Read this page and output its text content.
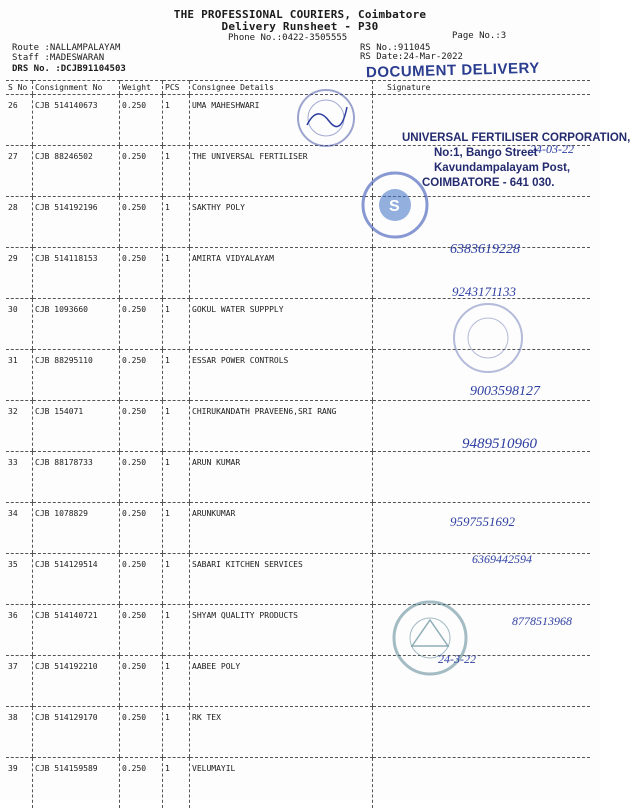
THE PROFESSIONAL COURIERS, Coimbatore
Delivery Runsheet - P30
Phone No.:0422-3505555	Page No.:3
Route :NALLAMPALAYAM
Staff :MADESWARAN
DRS No. :DCJB91104503
RS No.:911045
RS Date:24-Mar-2022
DOCUMENT DELIVERY
S No	Consignment No	Weight	PCS	Consignee Details	Signature
26	CJB 514140673	0.250	1	UMA MAHESHWARI	
27	CJB 88246502	0.250	1	THE UNIVERSAL FERTILISER	
28	CJB 514192196	0.250	1	SAKTHY POLY	
29	CJB 514118153	0.250	1	AMIRTA VIDYALAYAM	
30	CJB 1093660	0.250	1	GOKUL WATER SUPPPLY	
31	CJB 88295110	0.250	1	ESSAR POWER CONTROLS	
32	CJB 154071	0.250	1	CHIRUKANDATH PRAVEEN6,SRI RANG	
33	CJB 88178733	0.250	1	ARUN KUMAR	
34	CJB 1078829	0.250	1	ARUNKUMAR	
35	CJB 514129514	0.250	1	SABARI KITCHEN SERVICES	
36	CJB 514140721	0.250	1	SHYAM QUALITY PRODUCTS	
37	CJB 514192210	0.250	1	AABEE POLY	
38	CJB 514129170	0.250	1	RK TEX	
39	CJB 514159589	0.250	1	VELUMAYIL	
UNIVERSAL FERTILISER CORPORATION,
No:1, Bango Street
Kavundampalayam Post,
COIMBATORE - 641 030.
24-03-22
S
6383619228
9243171133
9003598127
9489510960
9597551692
6369442594
8778513968
24-3-22
